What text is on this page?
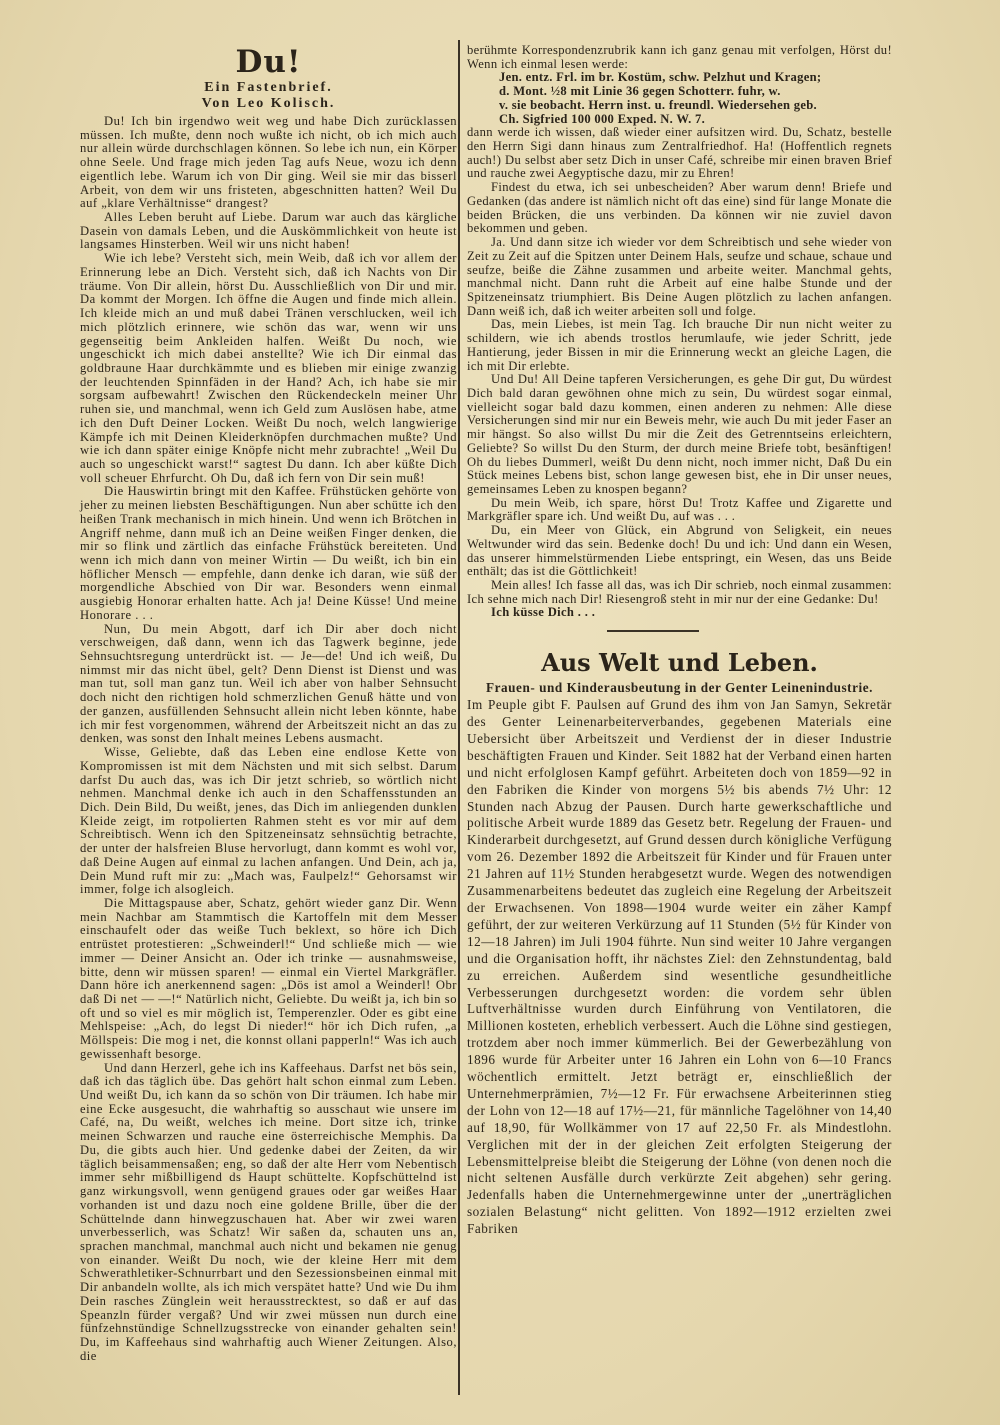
Du!
Ein Fastenbrief.
Von Leo Kolisch.

Du! Ich bin irgendwo weit weg und habe Dich zurücklassen müssen. Ich mußte, denn noch wußte ich nicht, ob ich mich auch nur allein würde durchschlagen können. So lebe ich nun, ein Körper ohne Seele. Und frage mich jeden Tag aufs Neue, wozu ich denn eigentlich lebe. Warum ich von Dir ging. Weil sie mir das bisserl Arbeit, von dem wir uns fristeten, abgeschnitten hatten? Weil Du auf „klare Verhältnisse“ drangest?

Alles Leben beruht auf Liebe. Darum war auch das kärgliche Dasein von damals Leben, und die Auskömmlichkeit von heute ist langsames Hinsterben. Weil wir uns nicht haben!

Wie ich lebe? Versteht sich, mein Weib, daß ich vor allem der Erinnerung lebe an Dich. Versteht sich, daß ich Nachts von Dir träume. Von Dir allein, hörst Du. Ausschließlich von Dir und mir. Da kommt der Morgen. Ich öffne die Augen und finde mich allein. Ich kleide mich an und muß dabei Tränen verschlucken, weil ich mich plötzlich erinnere, wie schön das war, wenn wir uns gegenseitig beim Ankleiden halfen. Weißt Du noch, wie ungeschickt ich mich dabei anstellte? Wie ich Dir einmal das goldbraune Haar durchkämmte und es blieben mir einige zwanzig der leuchtenden Spinnfäden in der Hand? Ach, ich habe sie mir sorgsam aufbewahrt! Zwischen den Rückendeckeln meiner Uhr ruhen sie, und manchmal, wenn ich Geld zum Auslösen habe, atme ich den Duft Deiner Locken. Weißt Du noch, welch langwierige Kämpfe ich mit Deinen Kleiderknöpfen durchmachen mußte? Und wie ich dann später einige Knöpfe nicht mehr zubrachte! „Weil Du auch so ungeschickt warst!“ sagtest Du dann. Ich aber küßte Dich voll scheuer Ehrfurcht. Oh Du, daß ich fern von Dir sein muß!

Die Hauswirtin bringt mit den Kaffee. Frühstücken gehörte von jeher zu meinen liebsten Beschäftigungen. Nun aber schütte ich den heißen Trank mechanisch in mich hinein. Und wenn ich Brötchen in Angriff nehme, dann muß ich an Deine weißen Finger denken, die mir so flink und zärtlich das einfache Frühstück bereiteten. Und wenn ich mich dann von meiner Wirtin — Du weißt, ich bin ein höflicher Mensch — empfehle, dann denke ich daran, wie süß der morgendliche Abschied von Dir war. Besonders wenn einmal ausgiebig Honorar erhalten hatte. Ach ja! Deine Küsse! Und meine Honorare . . .

Nun, Du mein Abgott, darf ich Dir aber doch nicht verschweigen, daß dann, wenn ich das Tagwerk beginne, jede Sehnsuchtsregung unterdrückt ist. — Je—de! Und ich weiß, Du nimmst mir das nicht übel, gelt? Denn Dienst ist Dienst und was man tut, soll man ganz tun. Weil ich aber von halber Sehnsucht doch nicht den richtigen hold schmerzlichen Genuß hätte und von der ganzen, ausfüllenden Sehnsucht allein nicht leben könnte, habe ich mir fest vorgenommen, während der Arbeitszeit nicht an das zu denken, was sonst den Inhalt meines Lebens ausmacht.

Wisse, Geliebte, daß das Leben eine endlose Kette von Kompromissen ist mit dem Nächsten und mit sich selbst. Darum darfst Du auch das, was ich Dir jetzt schrieb, so wörtlich nicht nehmen. Manchmal denke ich auch in den Schaffensstunden an Dich. Dein Bild, Du weißt, jenes, das Dich im anliegenden dunklen Kleide zeigt, im rotpolierten Rahmen steht es vor mir auf dem Schreibtisch. Wenn ich den Spitzeneinsatz sehnsüchtig betrachte, der unter der halsfreien Bluse hervorlugt, dann kommt es wohl vor, daß Deine Augen auf einmal zu lachen anfangen. Und Dein, ach ja, Dein Mund ruft mir zu: „Mach was, Faulpelz!“ Gehorsamst wir immer, folge ich alsogleich.

Die Mittagspause aber, Schatz, gehört wieder ganz Dir. Wenn mein Nachbar am Stammtisch die Kartoffeln mit dem Messer einschaufelt oder das weiße Tuch beklext, so höre ich Dich entrüstet protestieren: „Schweinderl!“ Und schließe mich — wie immer — Deiner Ansicht an. Oder ich trinke — ausnahmsweise, bitte, denn wir müssen sparen! — einmal ein Viertel Markgräfler. Dann höre ich anerkennend sagen: „Dös ist amol a Weinderl! Obr daß Di net — —!“ Natürlich nicht, Geliebte. Du weißt ja, ich bin so oft und so viel es mir möglich ist, Temperenzler. Oder es gibt eine Mehlspeise: „Ach, do legst Di nieder!“ hör ich Dich rufen, „a Möllspeis: Die mog i net, die konnst ollani papperln!“ Was ich auch gewissenhaft besorge.

Und dann Herzerl, gehe ich ins Kaffeehaus. Darfst net bös sein, daß ich das täglich übe. Das gehört halt schon einmal zum Leben. Und weißt Du, ich kann da so schön von Dir träumen. Ich habe mir eine Ecke ausgesucht, die wahrhaftig so ausschaut wie unsere im Café, na, Du weißt, welches ich meine. Dort sitze ich, trinke meinen Schwarzen und rauche eine österreichische Memphis. Da Du, die gibts auch hier. Und gedenke dabei der Zeiten, da wir täglich beisammensaßen; eng, so daß der alte Herr vom Nebentisch immer sehr mißbilligend ds Haupt schüttelte. Kopfschüttelnd ist ganz wirkungsvoll, wenn genügend graues oder gar weißes Haar vorhanden ist und dazu noch eine goldene Brille, über die der Schüttelnde dann hinwegzuschauen hat. Aber wir zwei waren unverbesserlich, was Schatz! Wir saßen da, schauten uns an, sprachen manchmal, manchmal auch nicht und bekamen nie genug von einander. Weißt Du noch, wie der kleine Herr mit dem Schwerathletiker-Schnurrbart und den Sezessionsbeinen einmal mit Dir anbandeln wollte, als ich mich verspätet hatte? Und wie Du ihm Dein rasches Zünglein weit herausstrecktest, so daß er auf das Speanzln fürder vergaß? Und wir zwei müssen nun durch eine fünfzehnstündige Schnellzugsstrecke von einander gehalten sein! Du, im Kaffeehaus sind wahrhaftig auch Wiener Zeitungen. Also, die

berühmte Korrespondenzrubrik kann ich ganz genau mit verfolgen, Hörst du! Wenn ich einmal lesen werde:

Jen. entz. Frl. im br. Kostüm, schw. Pelzhut und Kragen;
d. Mont. ½8 mit Linie 36 gegen Schotterr. fuhr, w.
v. sie beobacht. Herrn inst. u. freundl. Wiedersehen geb.
Ch. Sigfried 100 000 Exped. N. W. 7.

dann werde ich wissen, daß wieder einer aufsitzen wird. Du, Schatz, bestelle den Herrn Sigi dann hinaus zum Zentralfriedhof. Ha! (Hoffentlich regnets auch!) Du selbst aber setz Dich in unser Café, schreibe mir einen braven Brief und rauche zwei Aegyptische dazu, mir zu Ehren!

Findest du etwa, ich sei unbescheiden? Aber warum denn! Briefe und Gedanken (das andere ist nämlich nicht oft das eine) sind für lange Monate die beiden Brücken, die uns verbinden. Da können wir nie zuviel davon bekommen und geben.

Ja. Und dann sitze ich wieder vor dem Schreibtisch und sehe wieder von Zeit zu Zeit auf die Spitzen unter Deinem Hals, seufze und schaue, schaue und seufze, beiße die Zähne zusammen und arbeite weiter. Manchmal gehts, manchmal nicht. Dann ruht die Arbeit auf eine halbe Stunde und der Spitzeneinsatz triumphiert. Bis Deine Augen plötzlich zu lachen anfangen. Dann weiß ich, daß ich weiter arbeiten soll und folge.

Das, mein Liebes, ist mein Tag. Ich brauche Dir nun nicht weiter zu schildern, wie ich abends trostlos herumlaufe, wie jeder Schritt, jede Hantierung, jeder Bissen in mir die Erinnerung weckt an gleiche Lagen, die ich mit Dir erlebte.

Und Du! All Deine tapferen Versicherungen, es gehe Dir gut, Du würdest Dich bald daran gewöhnen ohne mich zu sein, Du würdest sogar einmal, vielleicht sogar bald dazu kommen, einen anderen zu nehmen: Alle diese Versicherungen sind mir nur ein Beweis mehr, wie auch Du mit jeder Faser an mir hängst. So also willst Du mir die Zeit des Getrenntseins erleichtern, Geliebte? So willst Du den Sturm, der durch meine Briefe tobt, besänftigen! Oh du liebes Dummerl, weißt Du denn nicht, noch immer nicht, Daß Du ein Stück meines Lebens bist, schon lange gewesen bist, ehe in Dir unser neues, gemeinsames Leben zu knospen begann?

Du mein Weib, ich spare, hörst Du! Trotz Kaffee und Zigarette und Markgräfler spare ich. Und weißt Du, auf was . . .

Du, ein Meer von Glück, ein Abgrund von Seligkeit, ein neues Weltwunder wird das sein. Bedenke doch! Du und ich: Und dann ein Wesen, das unserer himmelstürmenden Liebe entspringt, ein Wesen, das uns Beide enthält; das ist die Göttlichkeit!

Mein alles! Ich fasse all das, was ich Dir schrieb, noch einmal zusammen: Ich sehne mich nach Dir! Riesengroß steht in mir nur der eine Gedanke: Du!

Ich küsse Dich . . .

Aus Welt und Leben.

Frauen- und Kinderausbeutung in der Genter Leinenindustrie.

Im Peuple gibt F. Paulsen auf Grund des ihm von Jan Samyn, Sekretär des Genter Leinenarbeiterverbandes, gegebenen Materials eine Uebersicht über Arbeitszeit und Verdienst der in dieser Industrie beschäftigten Frauen und Kinder. Seit 1882 hat der Verband einen harten und nicht erfolglosen Kampf geführt. Arbeiteten doch von 1859—92 in den Fabriken die Kinder von morgens 5½ bis abends 7½ Uhr: 12 Stunden nach Abzug der Pausen. Durch harte gewerkschaftliche und politische Arbeit wurde 1889 das Gesetz betr. Regelung der Frauen- und Kinderarbeit durchgesetzt, auf Grund dessen durch königliche Verfügung vom 26. Dezember 1892 die Arbeitszeit für Kinder und für Frauen unter 21 Jahren auf 11½ Stunden herabgesetzt wurde. Wegen des notwendigen Zusammenarbeitens bedeutet das zugleich eine Regelung der Arbeitszeit der Erwachsenen. Von 1898—1904 wurde weiter ein zäher Kampf geführt, der zur weiteren Verkürzung auf 11 Stunden (5½ für Kinder von 12—18 Jahren) im Juli 1904 führte. Nun sind weiter 10 Jahre vergangen und die Organisation hofft, ihr nächstes Ziel: den Zehnstundentag, bald zu erreichen. Außerdem sind wesentliche gesundheitliche Verbesserungen durchgesetzt worden: die vordem sehr üblen Luftverhältnisse wurden durch Einführung von Ventilatoren, die Millionen kosteten, erheblich verbessert. Auch die Löhne sind gestiegen, trotzdem aber noch immer kümmerlich. Bei der Gewerbezählung von 1896 wurde für Arbeiter unter 16 Jahren ein Lohn von 6—10 Francs wöchentlich ermittelt. Jetzt beträgt er, einschließlich der Unternehmerprämien, 7½—12 Fr. Für erwachsene Arbeiterinnen stieg der Lohn von 12—18 auf 17½—21, für männliche Tagelöhner von 14,40 auf 18,90, für Wollkämmer von 17 auf 22,50 Fr. als Mindestlohn. Verglichen mit der in der gleichen Zeit erfolgten Steigerung der Lebensmittelpreise bleibt die Steigerung der Löhne (von denen noch die nicht seltenen Ausfälle durch verkürzte Zeit abgehen) sehr gering. Jedenfalls haben die Unternehmergewinne unter der „unerträglichen sozialen Belastung“ nicht gelitten. Von 1892—1912 erzielten zwei Fabriken
